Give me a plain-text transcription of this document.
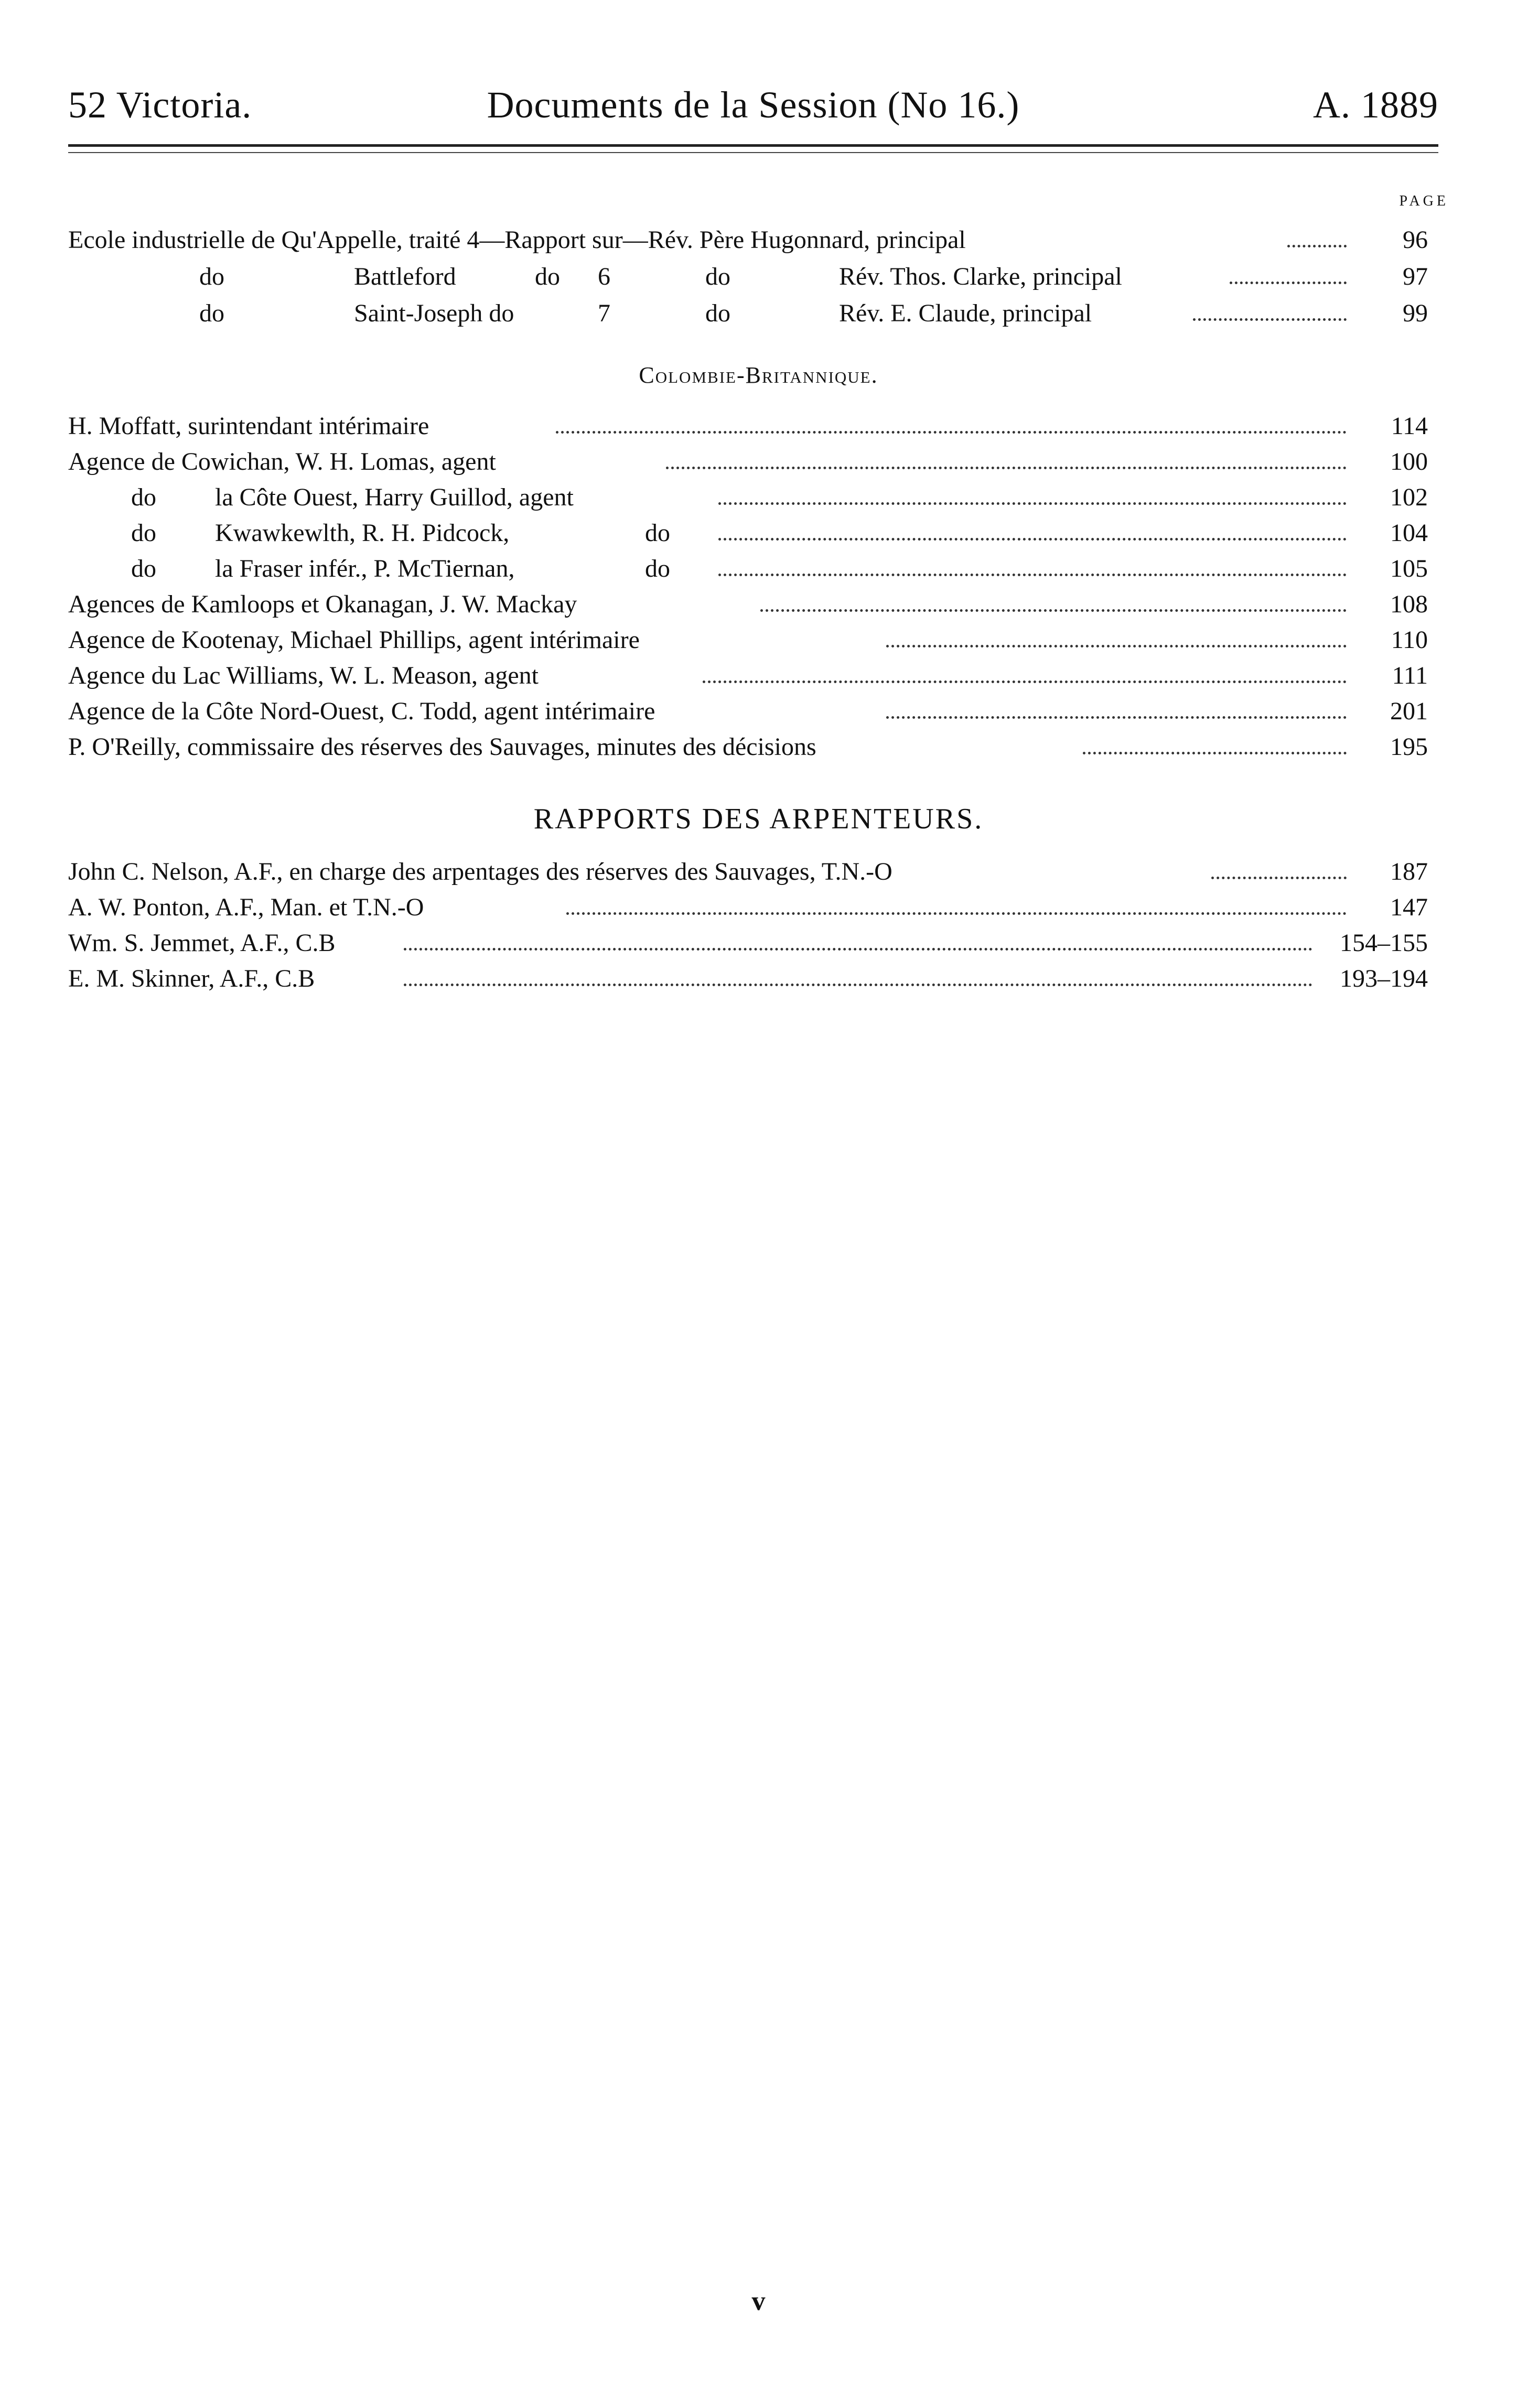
52 Victoria.	Documents de la Session (No 16.)	A. 1889
PAGE
Ecole industrielle de Qu'Appelle, traité 4—Rapport sur—Rév. Père Hugonnard, principal	96
do	Battleford	do 6	do	Rév. Thos. Clarke, principal	97
do	Saint-Joseph do	7	do	Rév. E. Claude, principal	99
Colombie-Britannique.
H. Moffatt, surintendant intérimaire	114
Agence de Cowichan, W. H. Lomas, agent	100
do la Côte Ouest, Harry Guillod, agent	102
do Kwawkewlth, R. H. Pidcock,	do	104
do la Fraser infér., P. McTiernan,	do	105
Agences de Kamloops et Okanagan, J. W. Mackay	108
Agence de Kootenay, Michael Phillips, agent intérimaire	110
Agence du Lac Williams, W. L. Meason, agent	111
Agence de la Côte Nord-Ouest, C. Todd, agent intérimaire	201
P. O'Reilly, commissaire des réserves des Sauvages, minutes des décisions	195
RAPPORTS DES ARPENTEURS.
John C. Nelson, A.F., en charge des arpentages des réserves des Sauvages, T.N.-O	187
A. W. Ponton, A.F., Man. et T.N.-O	147
Wm. S. Jemmet, A.F., C.B	154–155
E. M. Skinner, A.F., C.B	193–194
v
